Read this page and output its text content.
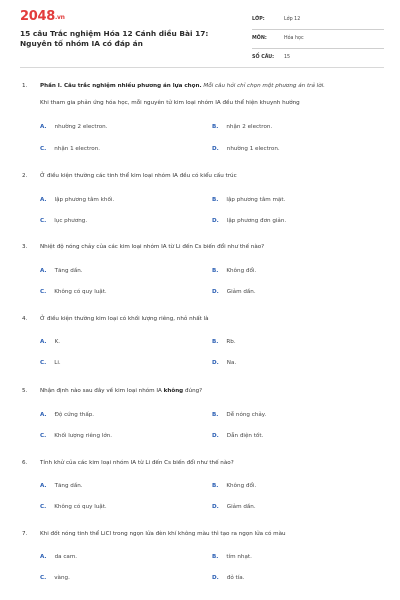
2048.vn
15 câu Trắc nghiệm Hóa 12 Cánh diều Bài 17: Nguyên tố nhóm IA có đáp án
LỚP:	Lớp 12
MÔN:	Hóa học
SỐ CÂU: 15
1. Phần I. Câu trắc nghiệm nhiều phương án lựa chọn. Mỗi câu hỏi chỉ chọn một phương án trả lời.
Khi tham gia phản ứng hóa học, mỗi nguyên tử kim loại nhóm IA đều thể hiện khuynh hướng
A. nhường 2 electron.	B. nhận 2 electron.
C. nhận 1 electron.	D. nhường 1 electron.
2. Ở điều kiện thường các tinh thể kim loại nhóm IA đều có kiểu cấu trúc
A. lập phương tâm khối.	B. lập phương tâm mặt.
C. lục phương.	D. lập phương đơn giản.
3. Nhiệt độ nóng chảy của các kim loại nhóm IA từ Li đến Cs biến đổi như thế nào?
A. Tăng dần.	B. Không đổi.
C. Không có quy luật.	D. Giảm dần.
4. Ở điều kiện thường kim loại có khối lượng riêng, nhỏ nhất là
A. K.	B. Rb.
C. Li.	D. Na.
5. Nhận định nào sau đây về kim loại nhóm IA không đúng?
A. Độ cứng thấp.	B. Dễ nóng chảy.
C. Khối lượng riêng lớn.	D. Dẫn điện tốt.
6. Tính khử của các kim loại nhóm IA từ Li đến Cs biến đổi như thế nào?
A. Tăng dần.	B. Không đổi.
C. Không có quy luật.	D. Giảm dần.
7. Khi đốt nóng tinh thể LiCl trong ngọn lửa đèn khí không màu thì tạo ra ngọn lửa có màu
A. da cam.	B. tím nhạt.
C. vàng.	D. đỏ tía.
